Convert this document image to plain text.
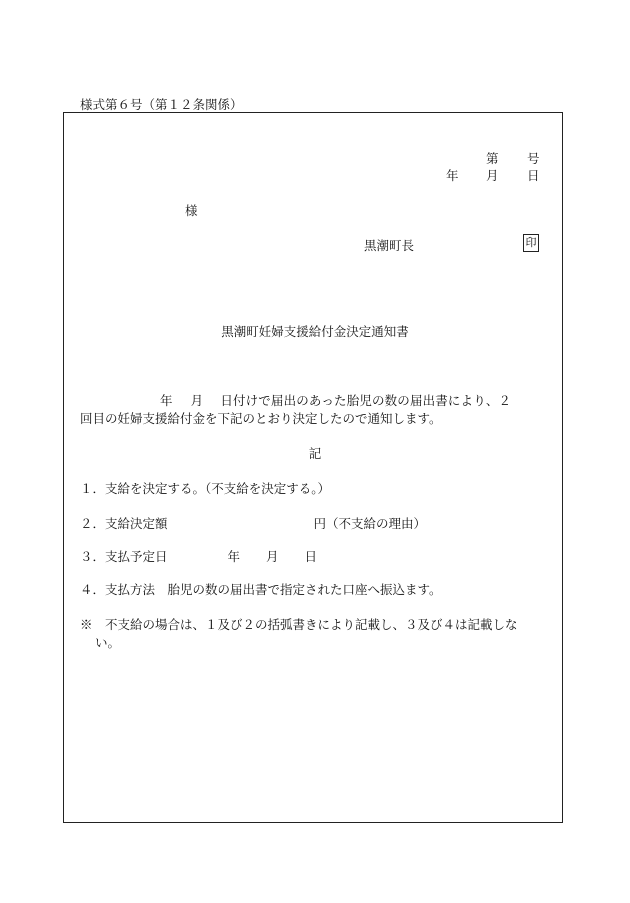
様式第６号（第１２条関係）
第 号
年 月 日
様
黒潮町長	印
黒潮町妊婦支援給付金決定通知書
年 月 日付けで届出のあった胎児の数の届出書により、２
回目の妊婦支援給付金を下記のとおり決定したので通知します。
記
１．支給を決定する。（不支給を決定する。）
２．支給決定額	円（不支給の理由）
３．支払予定日	年 月 日
４．支払方法　胎児の数の届出書で指定された口座へ振込ます。
※　不支給の場合は、１及び２の括弧書きにより記載し、３及び４は記載しな
い。
